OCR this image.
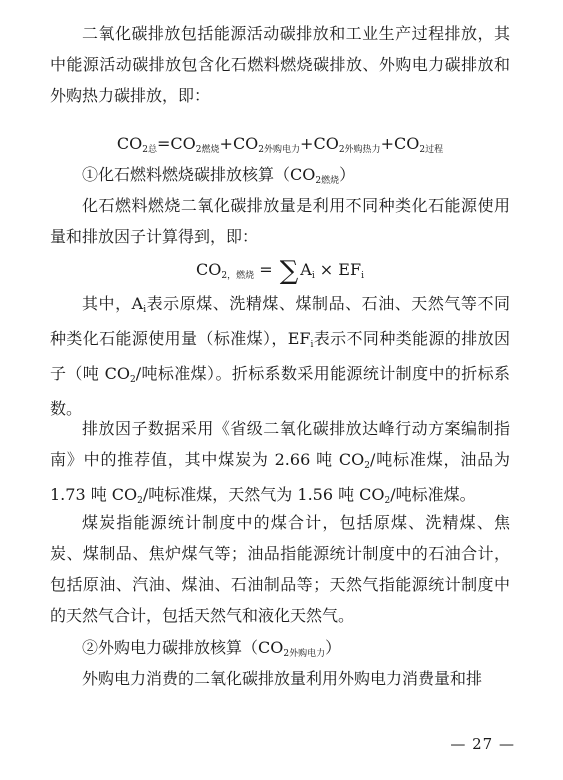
二氧化碳排放包括能源活动碳排放和工业生产过程排放，其中能源活动碳排放包含化石燃料燃烧碳排放、外购电力碳排放和外购热力碳排放，即：

$CO_{2总}=CO_{2燃烧}+CO_{2外购电力}+CO_{2外购热力}+CO_{2过程}$

①化石燃料燃烧碳排放核算$(CO_{2燃烧})$

化石燃料燃烧二氧化碳排放量是利用不同种类化石能源使用量和排放因子计算得到，即：

$CO_{2,燃烧}$ = ∑ $A_i \times EF_i$

其中，$A_i$表示原煤、洗精煤、煤制品、石油、天然气等不同种类化石能源使用量（标准煤），$EF_i$表示不同种类能源的排放因子（吨 $CO_2/$吨标准煤）。折标系数采用能源统计制度中的折标系数。

排放因子数据采用《省级二氧化碳排放达峰行动方案编制指南》中的推荐值，其中煤炭为 2.66 吨 $CO_2/$吨标准煤，油品为 1.73 吨 $CO_2/$吨标准煤，天然气为 1.56 吨 $CO_2/$吨标准煤。

煤炭指能源统计制度中的煤合计，包括原煤、洗精煤、焦炭、煤制品、焦炉煤气等；油品指能源统计制度中的石油合计，包括原油、汽油、煤油、石油制品等；天然气指能源统计制度中的天然气合计，包括天然气和液化天然气。

②外购电力碳排放核算$(CO_{2外购电力})$

外购电力消费的二氧化碳排放量利用外购电力消费量和排

— 27 —
